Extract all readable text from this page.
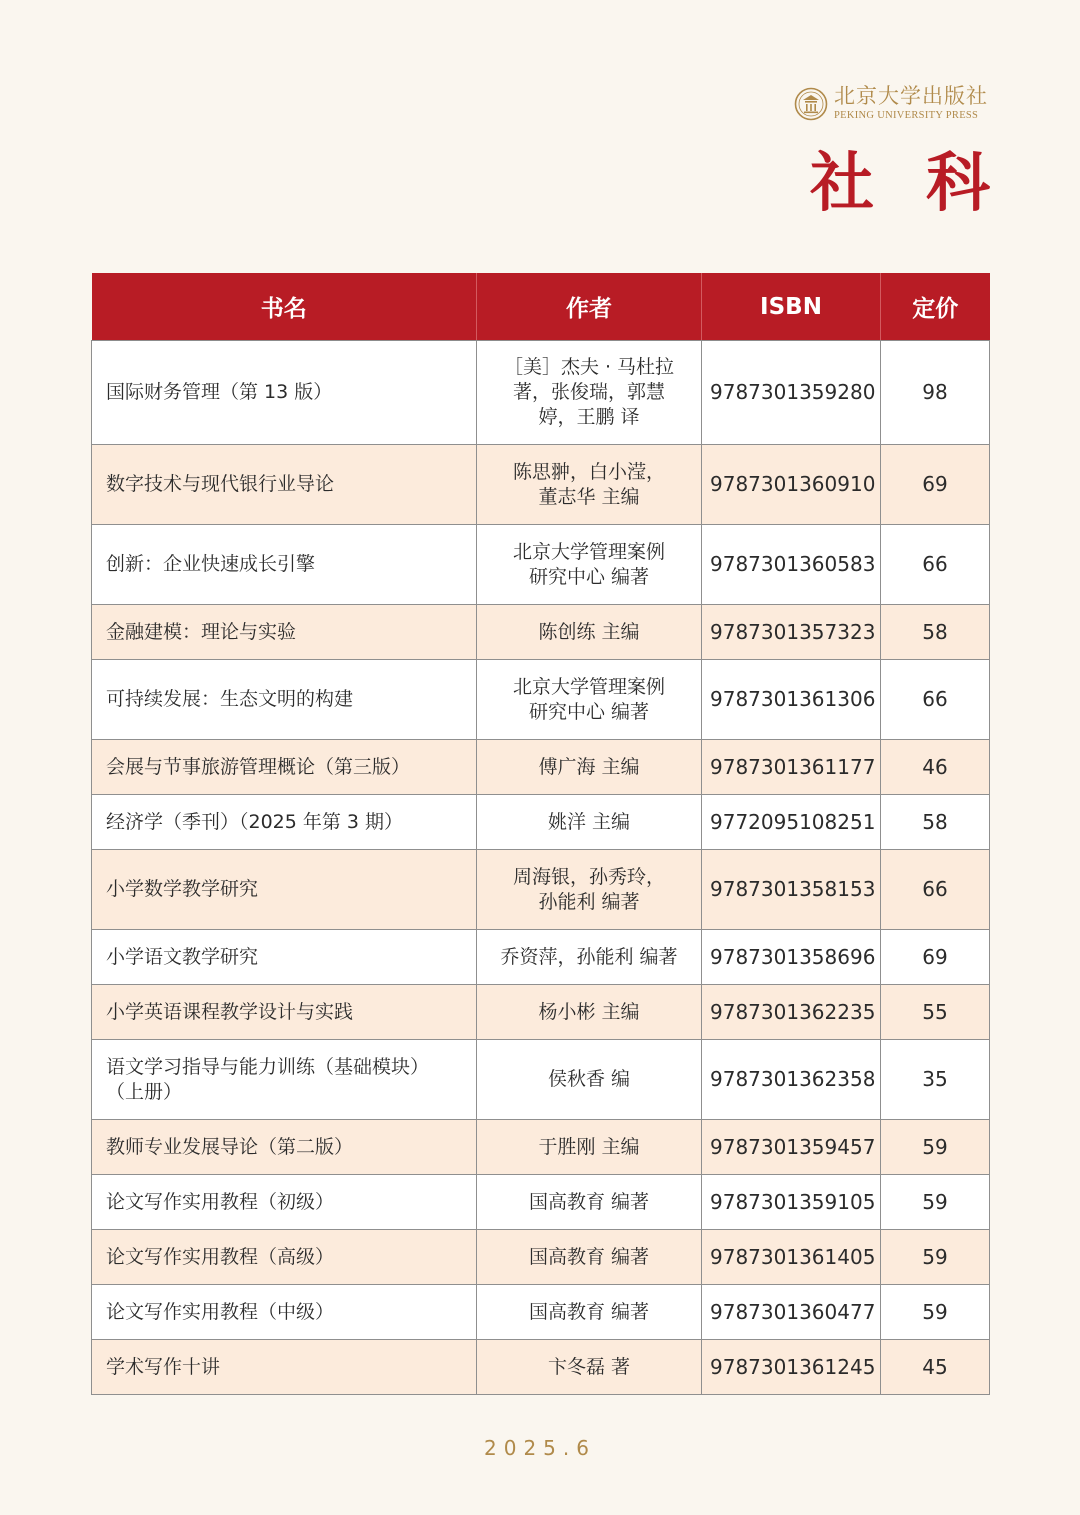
北京大学出版社
PEKING UNIVERSITY PRESS
社科
书名	作者	ISBN	定价
国际财务管理（第 13 版）	［美］杰夫 · 马杜拉 著，张俊瑞，郭慧婷，王鹏 译	9787301359280	98
数字技术与现代银行业导论	陈思翀，白小滢，董志华 主编	9787301360910	69
创新：企业快速成长引擎	北京大学管理案例研究中心 编著	9787301360583	66
金融建模：理论与实验	陈创练 主编	9787301357323	58
可持续发展：生态文明的构建	北京大学管理案例研究中心 编著	9787301361306	66
会展与节事旅游管理概论（第三版）	傅广海 主编	9787301361177	46
经济学（季刊）（2025 年第 3 期）	姚洋 主编	9772095108251	58
小学数学教学研究	周海银，孙秀玲，孙能利 编著	9787301358153	66
小学语文教学研究	乔资萍，孙能利 编著	9787301358696	69
小学英语课程教学设计与实践	杨小彬 主编	9787301362235	55
语文学习指导与能力训练（基础模块）（上册）	侯秋香 编	9787301362358	35
教师专业发展导论（第二版）	于胜刚 主编	9787301359457	59
论文写作实用教程（初级）	国高教育 编著	9787301359105	59
论文写作实用教程（高级）	国高教育 编著	9787301361405	59
论文写作实用教程（中级）	国高教育 编著	9787301360477	59
学术写作十讲	卞冬磊 著	9787301361245	45
2025.6
